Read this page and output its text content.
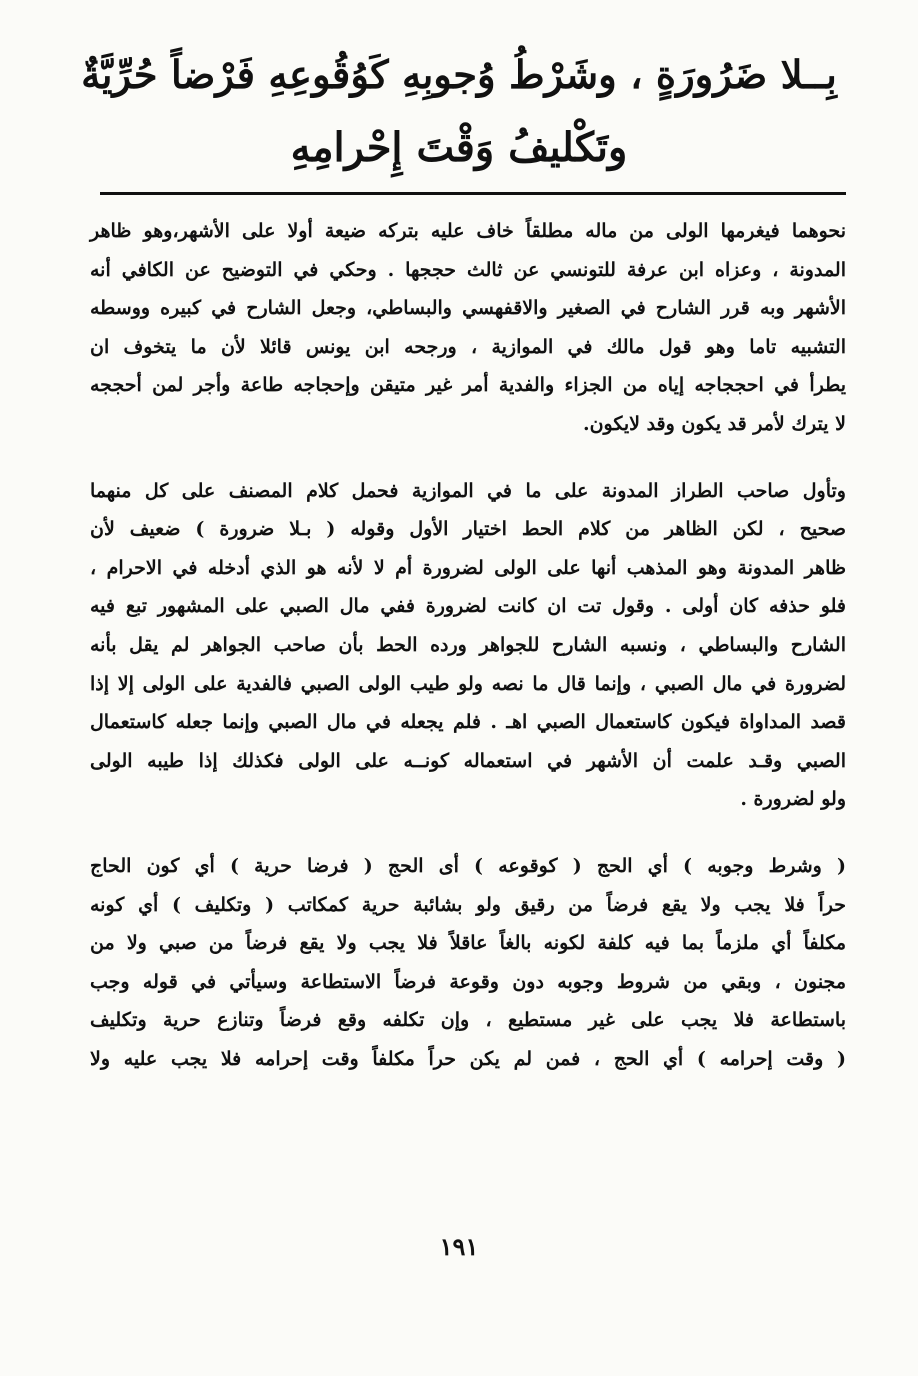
بِــلا ضَرُورَةٍ ، وشَرْطُ وُجوبِهِ كَوُقُوعِهِ فَرْضاً حُرِّيَّةٌ
وتَكْليفُ وَقْتَ إِحْرامِهِ

نحوهما فيغرمها الولى من ماله مطلقاً خاف عليه بتركه ضيعة أولا على الأشهر،وهو ظاهر
المدونة ، وعزاه ابن عرفة للتونسي عن ثالث حججها . وحكي في التوضيح عن الكافي أنه
الأشهر وبه قرر الشارح في الصغير والاقفهسي والبساطي، وجعل الشارح في كبيره ووسطه
التشبيه تاما وهو قول مالك في الموازية ، ورجحه ابن يونس قائلا لأن ما يتخوف ان
يطرأ في احججاجه إياه من الجزاء والفدية أمر غير متيقن وإحجاجه طاعة وأجر لمن أحججه
لا يترك لأمر قد يكون وقد لايكون.

وتأول صاحب الطراز المدونة على ما في الموازية فحمل كلام المصنف على كل منهما
صحيح ، لكن الظاهر من كلام الحط اختيار الأول وقوله ( بـلا ضرورة ) ضعيف لأن
ظاهر المدونة وهو المذهب أنها على الولى لضرورة أم لا لأنه هو الذي أدخله في الاحرام ،
فلو حذفه كان أولى . وقول تت ان كانت لضرورة ففي مال الصبي على المشهور تبع فيه
الشارح والبساطي ، ونسبه الشارح للجواهر ورده الحط بأن صاحب الجواهر لم يقل بأنه
لضرورة في مال الصبي ، وإنما قال ما نصه ولو طيب الولى الصبي فالفدية على الولى إلا إذا
قصد المداواة فيكون كاستعمال الصبي اهـ . فلم يجعله في مال الصبي وإنما جعله كاستعمال
الصبي وقـد علمت أن الأشهر في استعماله كونــه على الولى فكذلك إذا طيبه الولى
ولو لضرورة .

( وشرط وجوبه ) أي الحج ( كوقوعه ) أى الحج ( فرضا حرية ) أي كون الحاج
حراً فلا يجب ولا يقع فرضاً من رقيق ولو بشائبة حرية كمكاتب ( وتكليف ) أي كونه
مكلفاً أي ملزماً بما فيه كلفة لكونه بالغاً عاقلاً فلا يجب ولا يقع فرضاً من صبي ولا من
مجنون ، وبقي من شروط وجوبه دون وقوعة فرضاً الاستطاعة وسيأتي في قوله وجب
باستطاعة فلا يجب على غير مستطيع ، وإن تكلفه وقع فرضاً وتنازع حرية وتكليف
( وقت إحرامه ) أي الحج ، فمن لم يكن حراً مكلفاً وقت إحرامه فلا يجب عليه ولا

١٩١
